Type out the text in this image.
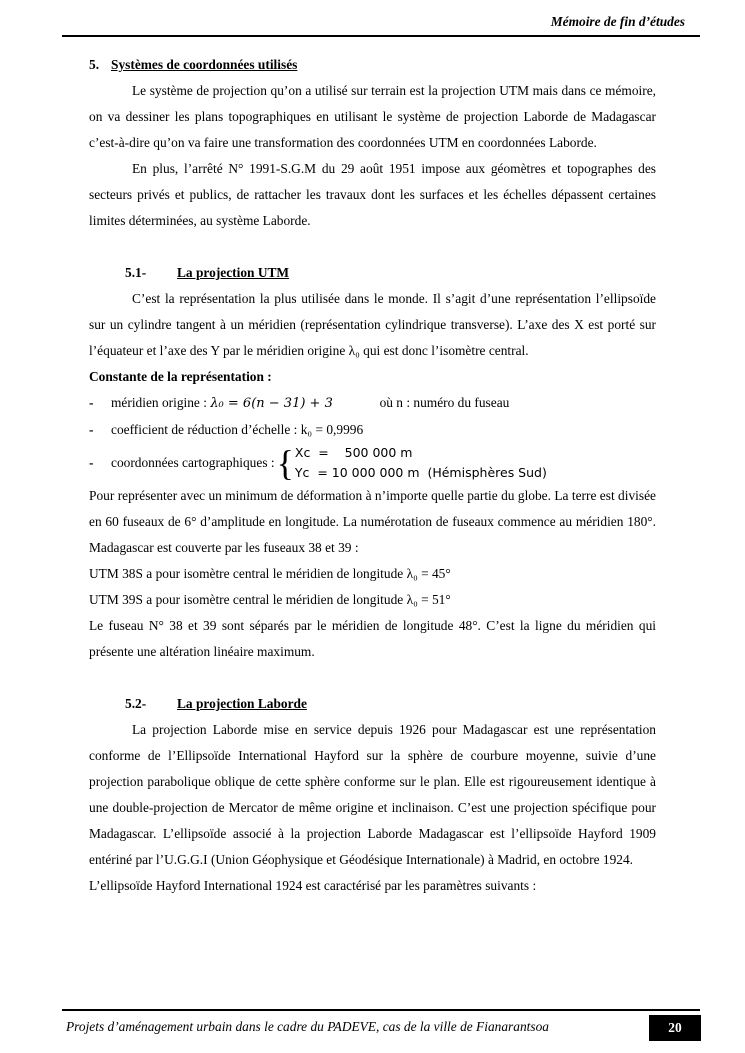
Mémoire de fin d’études
5. Systèmes de coordonnées utilisés

Le système de projection qu’on a utilisé sur terrain est la projection UTM mais dans ce mémoire, on va dessiner les plans topographiques en utilisant le système de projection Laborde de Madagascar c’est-à-dire qu’on va faire une transformation des coordonnées UTM en coordonnées Laborde.

En plus, l’arrêté N° 1991-S.G.M du 29 août 1951 impose aux géomètres et topographes des secteurs privés et publics, de rattacher les travaux dont les surfaces et les échelles dépassent certaines limites déterminées, au système Laborde.

5.1- La projection UTM

C’est la représentation la plus utilisée dans le monde. Il s’agit d’une représentation l’ellipsoïde sur un cylindre tangent à un méridien (représentation cylindrique transverse). L’axe des X est porté sur l’équateur et l’axe des Y par le méridien origine λ₀ qui est donc l’isomètre central.

Constante de la représentation :

-	méridien origine : λ₀ = 6(n − 31) + 3	où n : numéro du fuseau
-	coefficient de réduction d’échelle : k₀ = 0,9996
-	coordonnées cartographiques : { Xᴄ  =    500 000 m
Yᴄ  = 10 000 000 m  (Hémisphères Sud)

Pour représenter avec un minimum de déformation à n’importe quelle partie du globe. La terre est divisée en 60 fuseaux de 6° d’amplitude en longitude. La numérotation de fuseaux commence au méridien 180°. Madagascar est couverte par les fuseaux 38 et 39 :

UTM 38S a pour isomètre central le méridien de longitude λ₀ = 45°

UTM 39S a pour isomètre central le méridien de longitude λ₀ = 51°

Le fuseau N° 38 et 39 sont séparés par le méridien de longitude 48°. C’est la ligne du méridien qui présente une altération linéaire maximum.

5.2- La projection Laborde

La projection Laborde mise en service depuis 1926 pour Madagascar est une représentation conforme de l’Ellipsoïde International Hayford sur la sphère de courbure moyenne, suivie d’une projection parabolique oblique de cette sphère conforme sur le plan. Elle est rigoureusement identique à une double-projection de Mercator de même origine et inclinaison. C’est une projection spécifique pour Madagascar. L’ellipsoïde associé à la projection Laborde Madagascar est l’ellipsoïde Hayford 1909 entériné par l’U.G.G.I (Union Géophysique et Géodésique Internationale) à Madrid, en octobre 1924.

L’ellipsoïde Hayford International 1924 est caractérisé par les paramètres suivants :

Projets d’aménagement urbain dans le cadre du PADEVE, cas de la ville de Fianarantsoa	20
